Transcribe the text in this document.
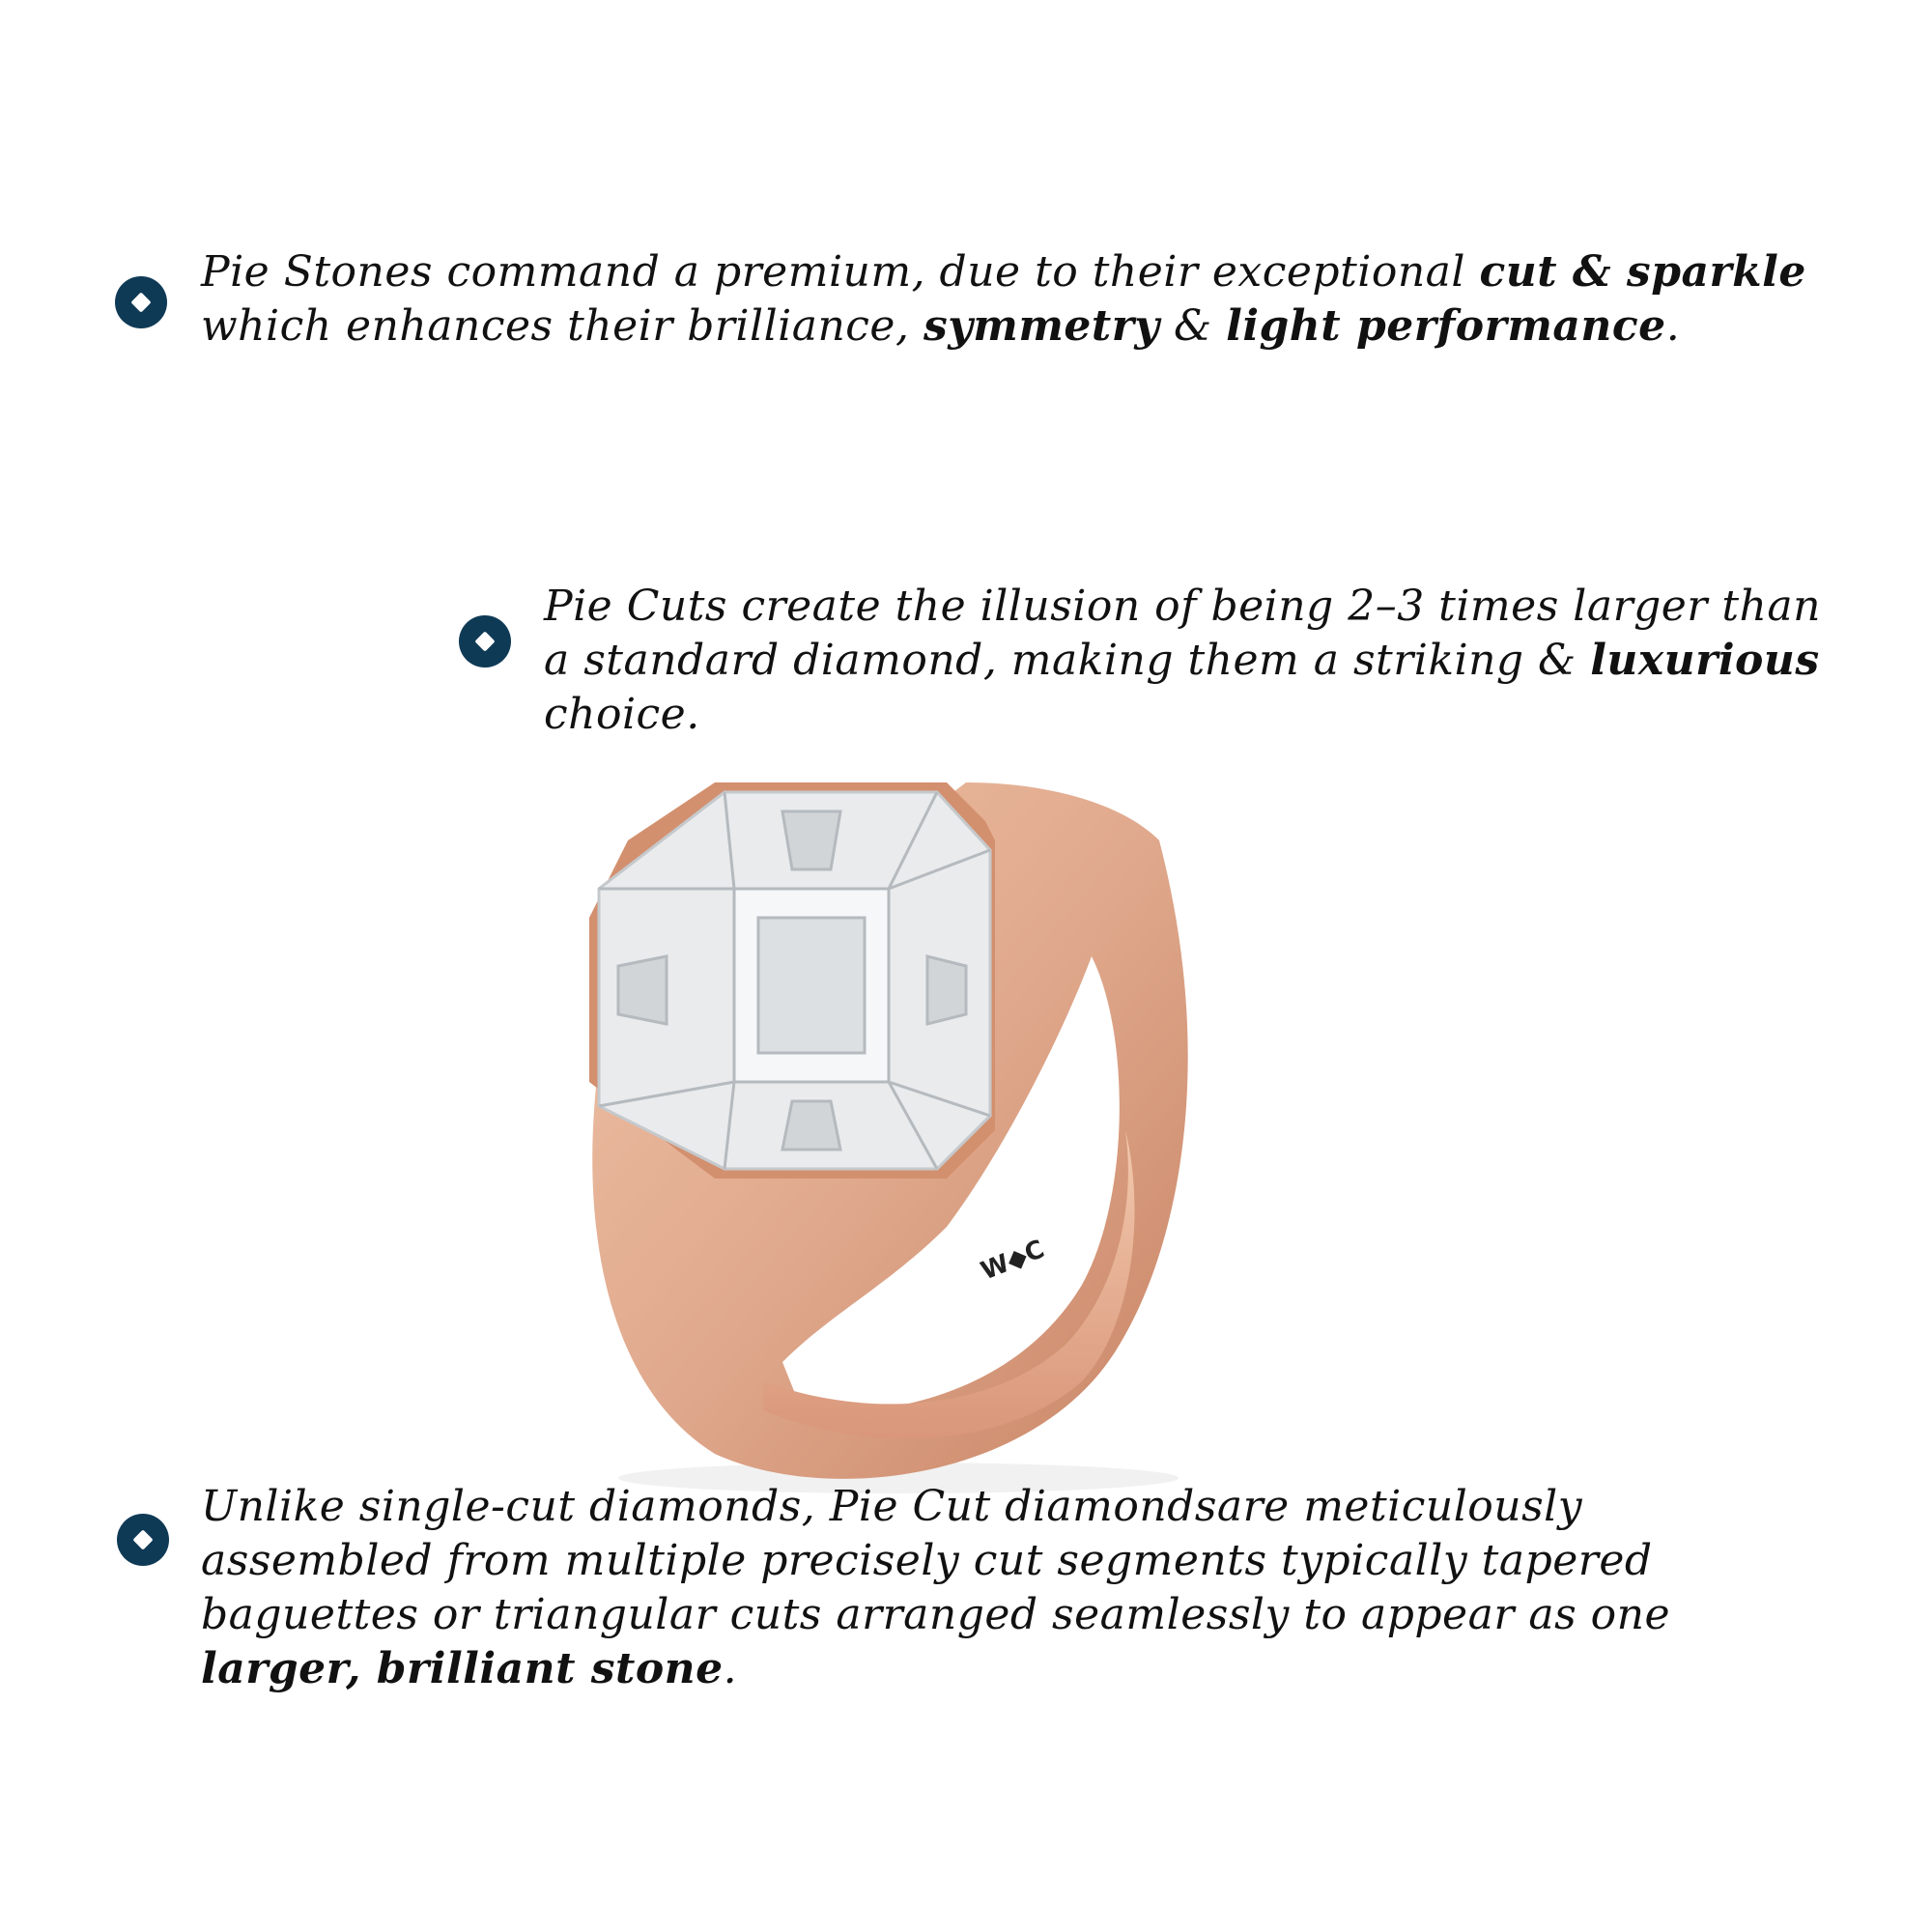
Pie Stones command a premium, due to their exceptional cut & sparkle which enhances their brilliance, symmetry & light performance.

Pie Cuts create the illusion of being 2–3 times larger than a standard diamond, making them a striking & luxurious choice.

W◆C

Unlike single-cut diamonds, Pie Cut diamondsare meticulously assembled from multiple precisely cut segments typically tapered baguettes or triangular cuts arranged seamlessly to appear as one larger, brilliant stone.
